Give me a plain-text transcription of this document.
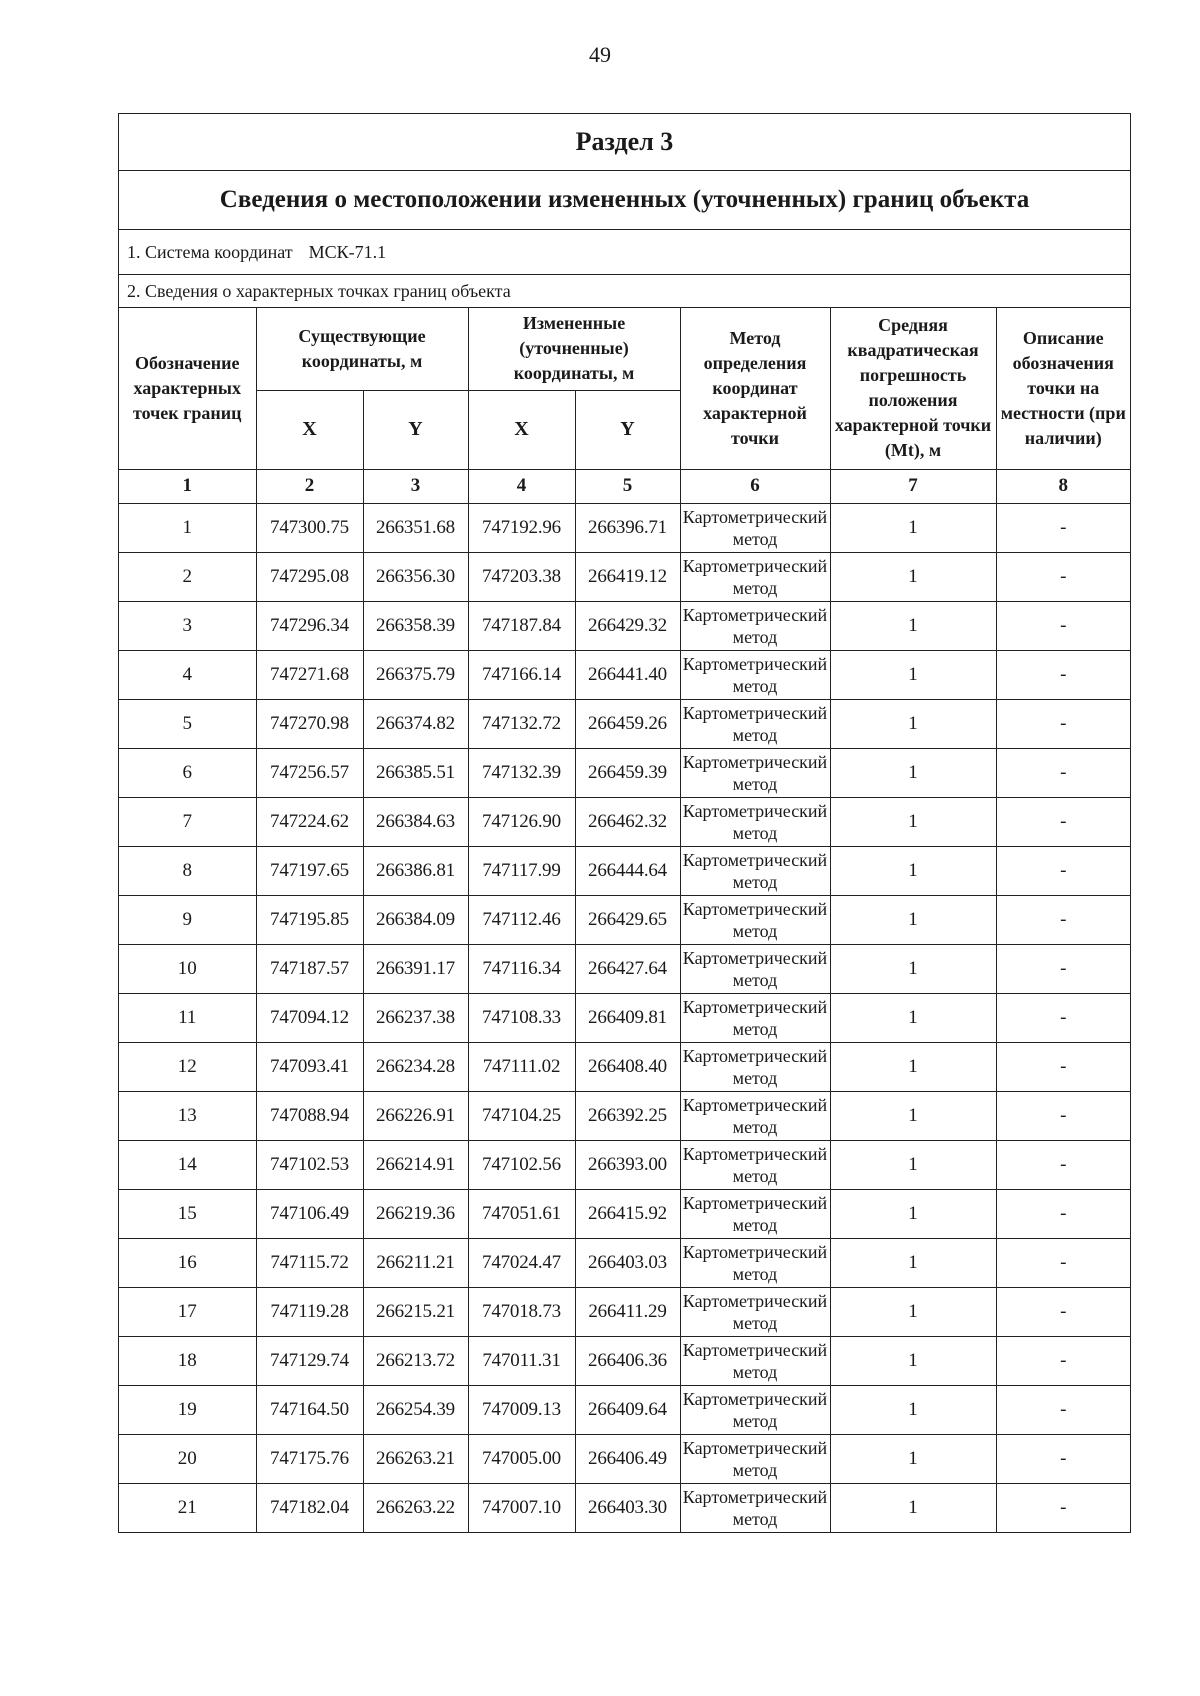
49
Раздел 3
Сведения о местоположении измененных (уточненных) границ объекта
1. Система координат МСК-71.1
2. Сведения о характерных точках границ объекта
Обозначение характерных точек границ	Существующие координаты, м		Измененные (уточненные) координаты, м		Метод определения координат характерной точки	Средняя квадратическая погрешность положения характерной точки (Mt), м	Описание обозначения точки на местности (при наличии)
	X	Y	X	Y			
1	2	3	4	5	6	7	8
1	747300.75	266351.68	747192.96	266396.71	Картометрический метод	1	-
2	747295.08	266356.30	747203.38	266419.12	Картометрический метод	1	-
3	747296.34	266358.39	747187.84	266429.32	Картометрический метод	1	-
4	747271.68	266375.79	747166.14	266441.40	Картометрический метод	1	-
5	747270.98	266374.82	747132.72	266459.26	Картометрический метод	1	-
6	747256.57	266385.51	747132.39	266459.39	Картометрический метод	1	-
7	747224.62	266384.63	747126.90	266462.32	Картометрический метод	1	-
8	747197.65	266386.81	747117.99	266444.64	Картометрический метод	1	-
9	747195.85	266384.09	747112.46	266429.65	Картометрический метод	1	-
10	747187.57	266391.17	747116.34	266427.64	Картометрический метод	1	-
11	747094.12	266237.38	747108.33	266409.81	Картометрический метод	1	-
12	747093.41	266234.28	747111.02	266408.40	Картометрический метод	1	-
13	747088.94	266226.91	747104.25	266392.25	Картометрический метод	1	-
14	747102.53	266214.91	747102.56	266393.00	Картометрический метод	1	-
15	747106.49	266219.36	747051.61	266415.92	Картометрический метод	1	-
16	747115.72	266211.21	747024.47	266403.03	Картометрический метод	1	-
17	747119.28	266215.21	747018.73	266411.29	Картометрический метод	1	-
18	747129.74	266213.72	747011.31	266406.36	Картометрический метод	1	-
19	747164.50	266254.39	747009.13	266409.64	Картометрический метод	1	-
20	747175.76	266263.21	747005.00	266406.49	Картометрический метод	1	-
21	747182.04	266263.22	747007.10	266403.30	Картометрический метод	1	-
